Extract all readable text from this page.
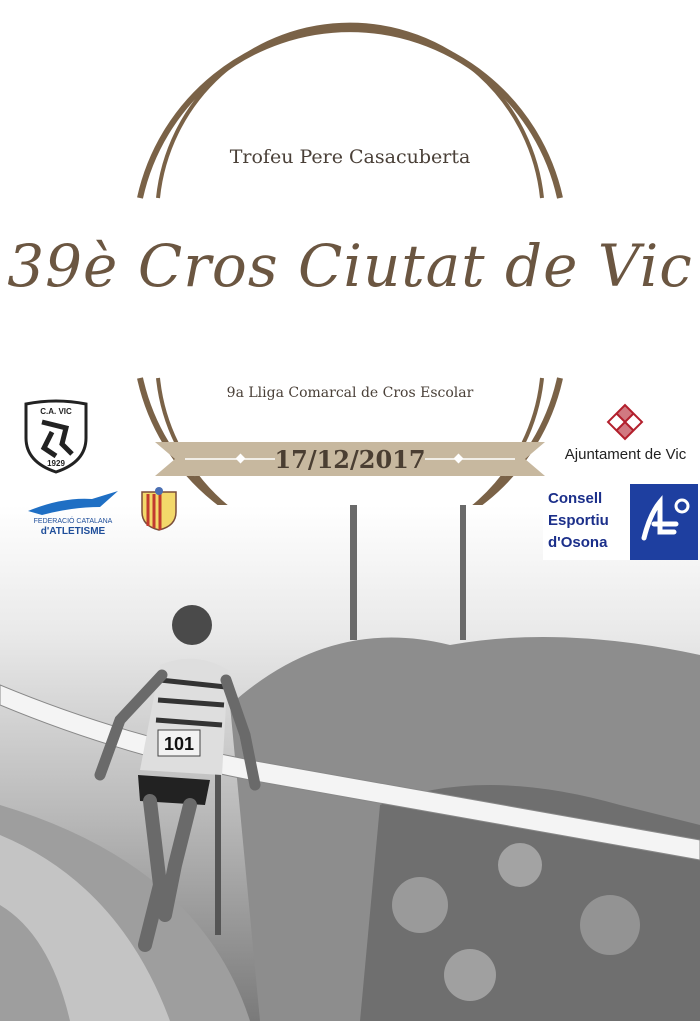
Trofeu Pere Casacuberta
39è Cros Ciutat de Vic
9a Lliga Comarcal de Cros Escolar
17/12/2017
101
C.A. VIC
1929
FEDERACIÓ CATALANA
d'ATLETISME
Ajuntament de Vic
Consell
Esportiu
d'Osona
